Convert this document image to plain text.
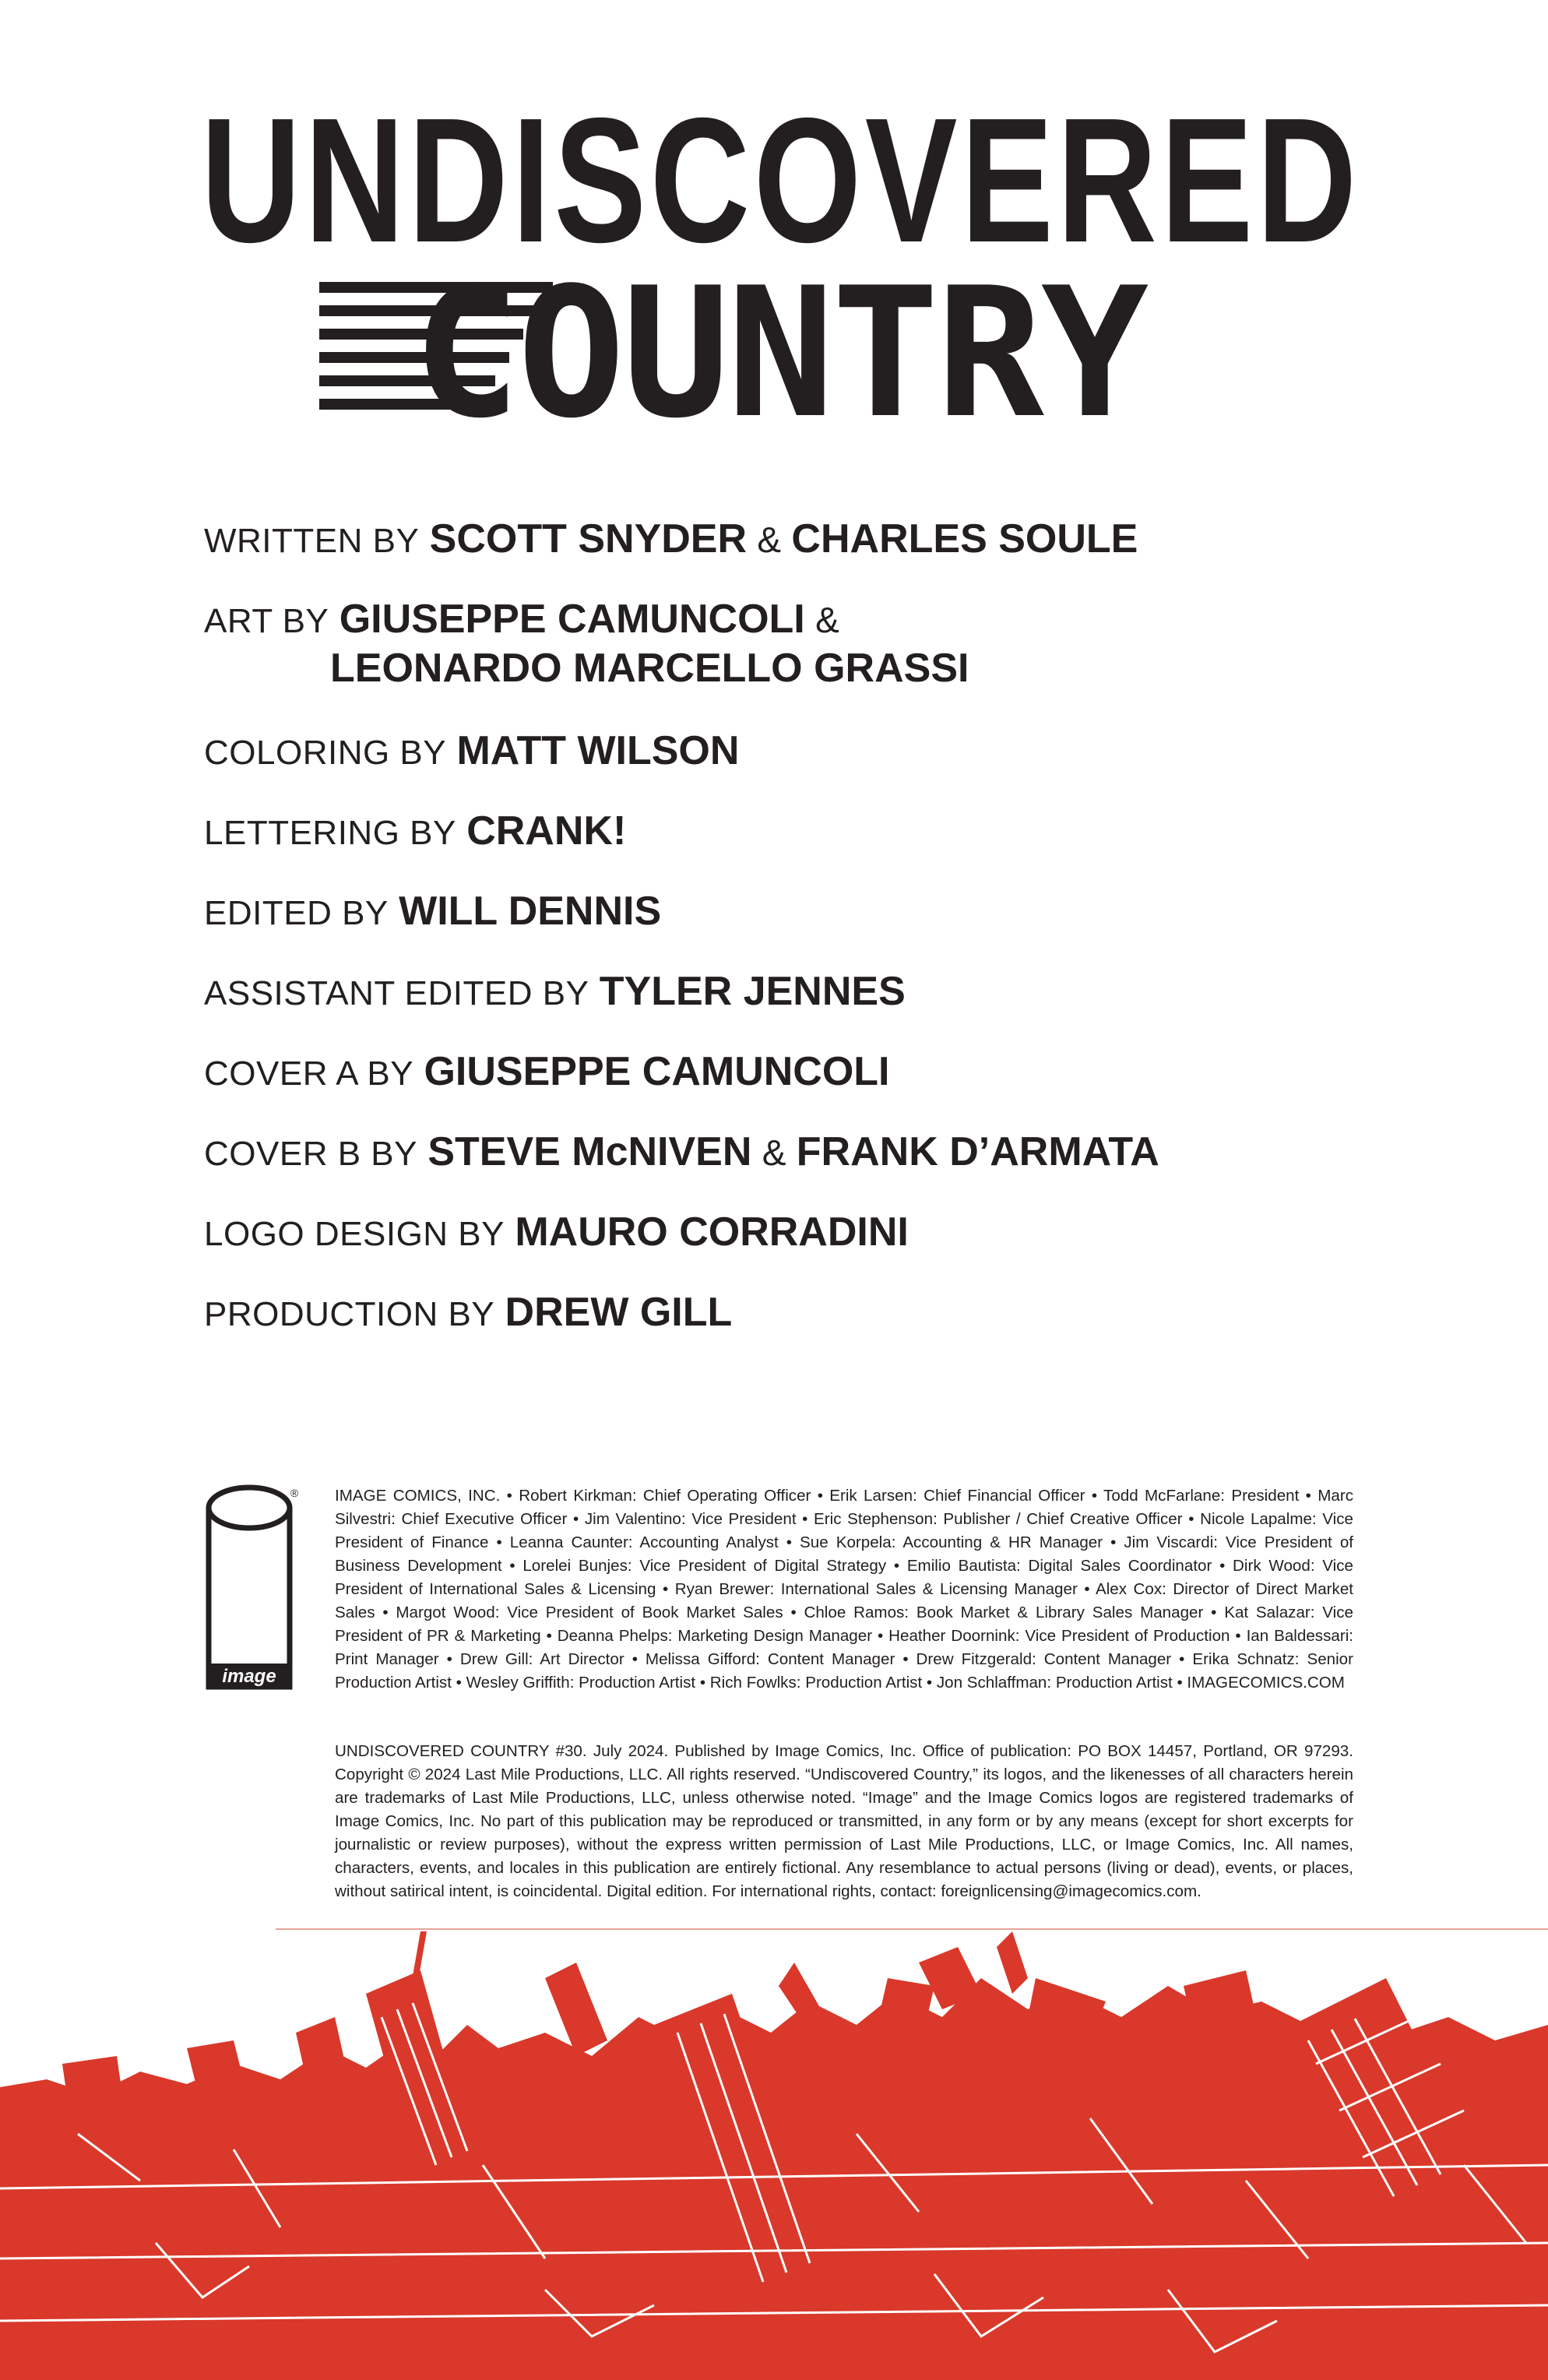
UNDISCOVERED
COUNTRY ★
★
★
★
★
★
WRITTEN BY SCOTT SNYDER & CHARLES SOULE
ART BY GIUSEPPE CAMUNCOLI &
LEONARDO MARCELLO GRASSI
COLORING BY MATT WILSON
LETTERING BY CRANK!
EDITED BY WILL DENNIS
ASSISTANT EDITED BY TYLER JENNES
COVER A BY GIUSEPPE CAMUNCOLI
COVER B BY STEVE McNIVEN & FRANK D’ARMATA
LOGO DESIGN BY MAURO CORRADINI
PRODUCTION BY DREW GILL
image
® IMAGE COMICS, INC. • Robert Kirkman: Chief Operating Officer • Erik Larsen: Chief Financial Officer • Todd McFarlane: President • Marc Silvestri: Chief Executive Officer • Jim Valentino: Vice President • Eric Stephenson: Publisher / Chief Creative Officer • Nicole Lapalme: Vice President of Finance • Leanna Caunter: Accounting Analyst • Sue Korpela: Accounting & HR Manager • Jim Viscardi: Vice President of Business Development • Lorelei Bunjes: Vice President of Digital Strategy • Emilio Bautista: Digital Sales Coordinator • Dirk Wood: Vice President of International Sales & Licensing • Ryan Brewer: International Sales & Licensing Manager • Alex Cox: Director of Direct Market Sales • Margot Wood: Vice President of Book Market Sales • Chloe Ramos: Book Market & Library Sales Manager • Kat Salazar: Vice President of PR & Marketing • Deanna Phelps: Marketing Design Manager • Heather Doornink: Vice President of Production • Ian Baldessari: Print Manager • Drew Gill: Art Director • Melissa Gifford: Content Manager • Drew Fitzgerald: Content Manager • Erika Schnatz: Senior Production Artist • Wesley Griffith: Production Artist • Rich Fowlks: Production Artist • Jon Schlaffman: Production Artist • IMAGECOMICS.COM
UNDISCOVERED COUNTRY #30. July 2024. Published by Image Comics, Inc. Office of publication: PO BOX 14457, Portland, OR 97293. Copyright © 2024 Last Mile Productions, LLC. All rights reserved. “Undiscovered Country,” its logos, and the likenesses of all characters herein are trademarks of Last Mile Productions, LLC, unless otherwise noted. “Image” and the Image Comics logos are registered trademarks of Image Comics, Inc. No part of this publication may be reproduced or transmitted, in any form or by any means (except for short excerpts for journalistic or review purposes), without the express written permission of Last Mile Productions, LLC, or Image Comics, Inc. All names, characters, events, and locales in this publication are entirely fictional. Any resemblance to actual persons (living or dead), events, or places, without satirical intent, is coincidental. Digital edition. For international rights, contact: foreignlicensing@imagecomics.com.
